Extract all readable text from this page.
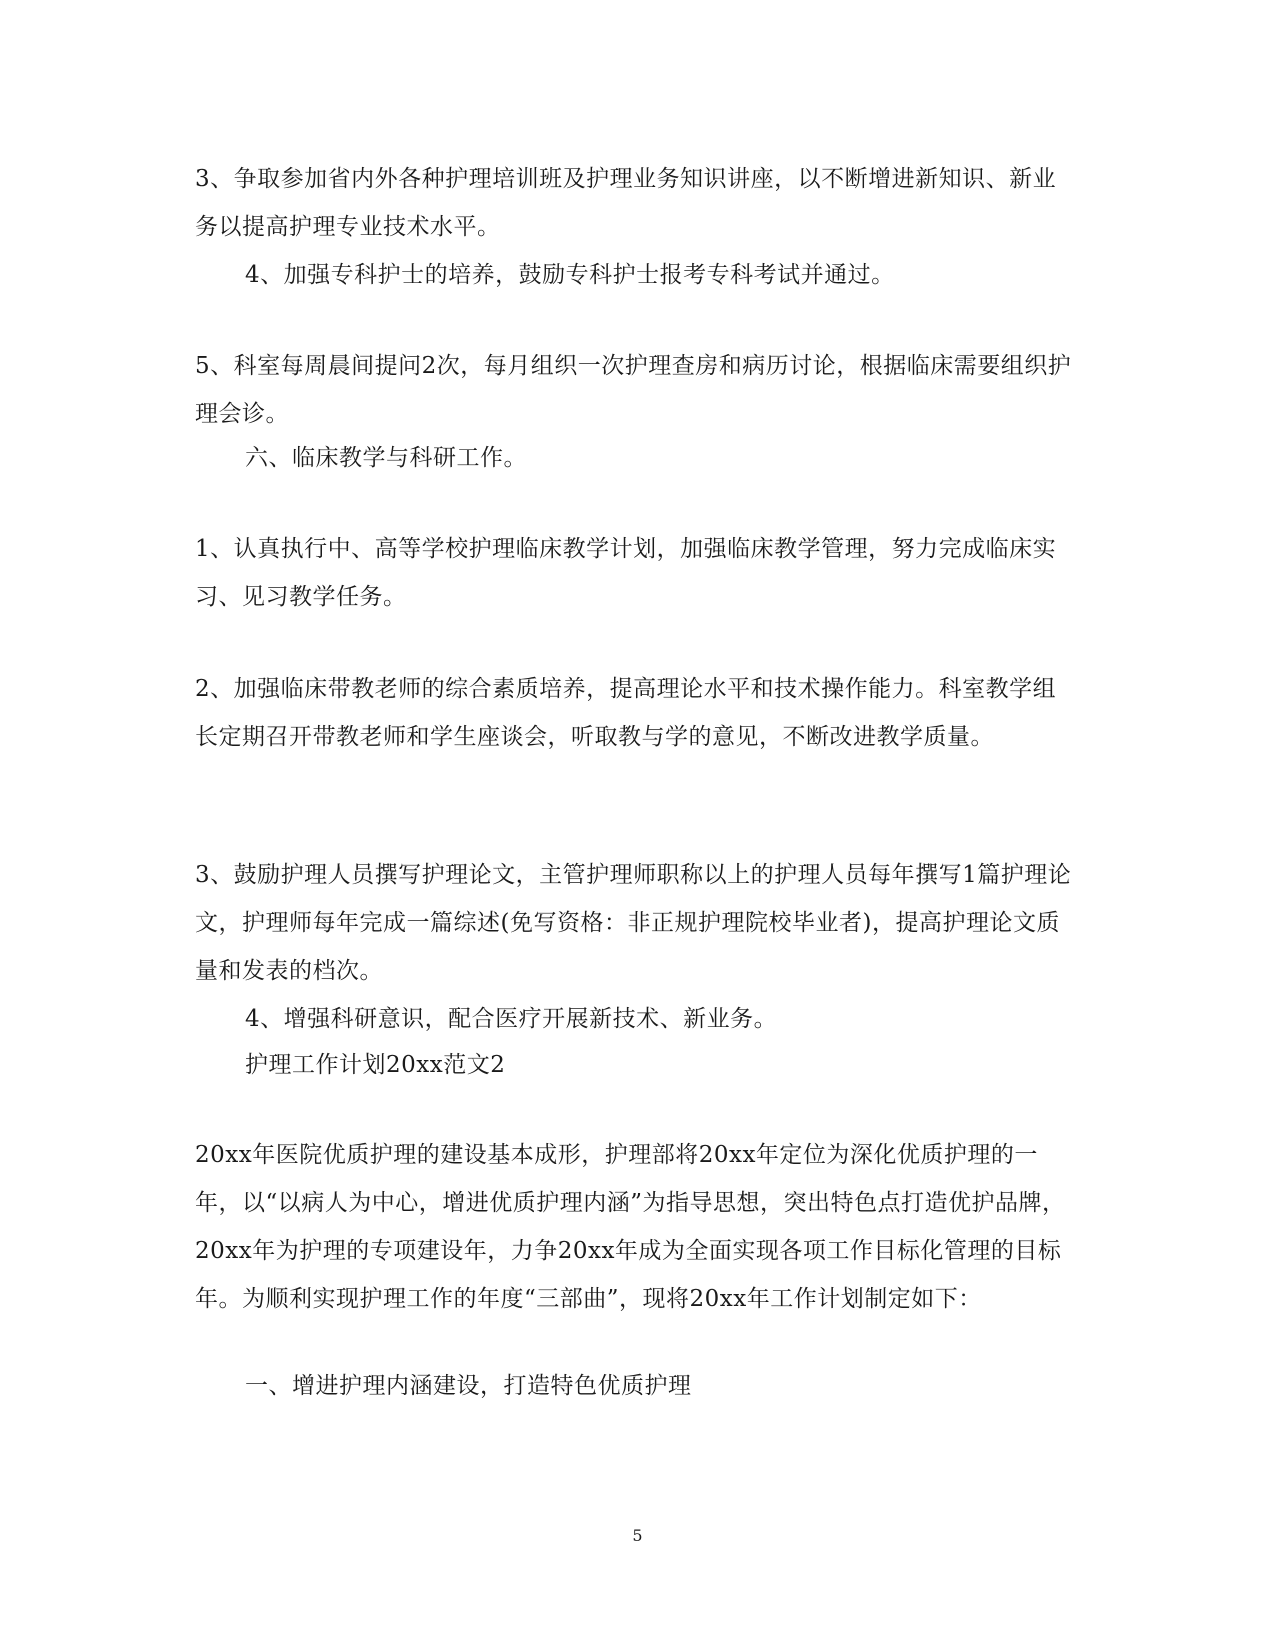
3、争取参加省内外各种护理培训班及护理业务知识讲座，以不断增进新知识、新业务以提高护理专业技术水平。
4、加强专科护士的培养，鼓励专科护士报考专科考试并通过。
5、科室每周晨间提问2次，每月组织一次护理查房和病历讨论，根据临床需要组织护理会诊。
六、临床教学与科研工作。
1、认真执行中、高等学校护理临床教学计划，加强临床教学管理，努力完成临床实习、见习教学任务。
2、加强临床带教老师的综合素质培养，提高理论水平和技术操作能力。科室教学组长定期召开带教老师和学生座谈会，听取教与学的意见，不断改进教学质量。
3、鼓励护理人员撰写护理论文，主管护理师职称以上的护理人员每年撰写1篇护理论文，护理师每年完成一篇综述(免写资格：非正规护理院校毕业者)，提高护理论文质量和发表的档次。
4、增强科研意识，配合医疗开展新技术、新业务。
护理工作计划20xx范文2
20xx年医院优质护理的建设基本成形，护理部将20xx年定位为深化优质护理的一年，以“以病人为中心，增进优质护理内涵”为指导思想，突出特色点打造优护品牌，20xx年为护理的专项建设年，力争20xx年成为全面实现各项工作目标化管理的目标年。为顺利实现护理工作的年度“三部曲”，现将20xx年工作计划制定如下：
一、增进护理内涵建设，打造特色优质护理
5
